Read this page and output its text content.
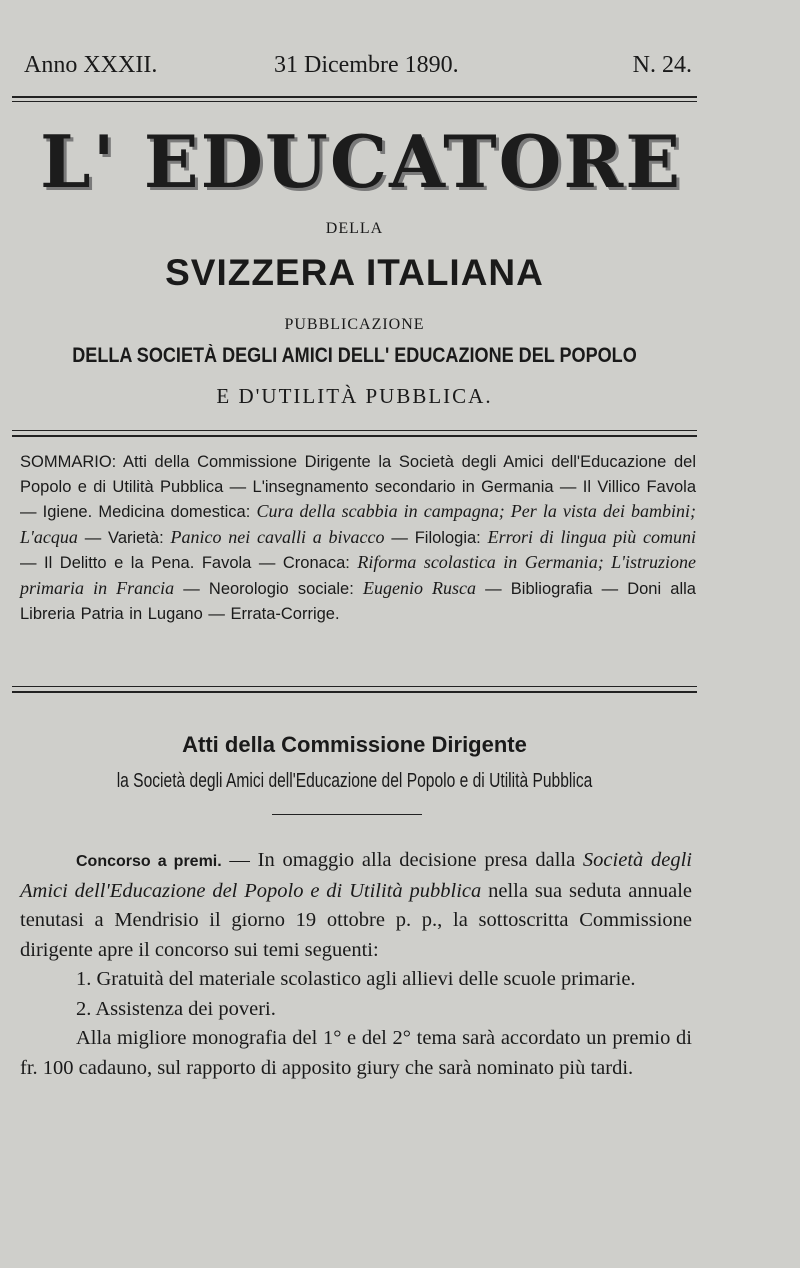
Anno XXXII.	31 Dicembre 1890.	N. 24.
L' EDUCATORE
DELLA
SVIZZERA ITALIANA
PUBBLICAZIONE
DELLA SOCIETÀ DEGLI AMICI DELL' EDUCAZIONE DEL POPOLO
E D'UTILITÀ PUBBLICA.

SOMMARIO: Atti della Commissione Dirigente la Società degli Amici dell'Educazione del Popolo e di Utilità Pubblica — L'insegnamento secondario in Germania — Il Villico Favola — Igiene. Medicina domestica: Cura della scabbia in campagna; Per la vista dei bambini; L'acqua — Varietà: Panico nei cavalli a bivacco — Filologia: Errori di lingua più comuni — Il Delitto e la Pena. Favola — Cronaca: Riforma scolastica in Germania; L'istruzione primaria in Francia — Neorologio sociale: Eugenio Rusca — Bibliografia — Doni alla Libreria Patria in Lugano — Errata-Corrige.

Atti della Commissione Dirigente
la Società degli Amici dell'Educazione del Popolo e di Utilità Pubblica

Concorso a premi. — In omaggio alla decisione presa dalla Società degli Amici dell'Educazione del Popolo e di Utilità pubblica nella sua seduta annuale tenutasi a Mendrisio il giorno 19 ottobre p. p., la sottoscritta Commissione dirigente apre il concorso sui temi seguenti:

1. Gratuità del materiale scolastico agli allievi delle scuole primarie.

2. Assistenza dei poveri.

Alla migliore monografia del 1° e del 2° tema sarà accordato un premio di fr. 100 cadauno, sul rapporto di apposito giury che sarà nominato più tardi.
